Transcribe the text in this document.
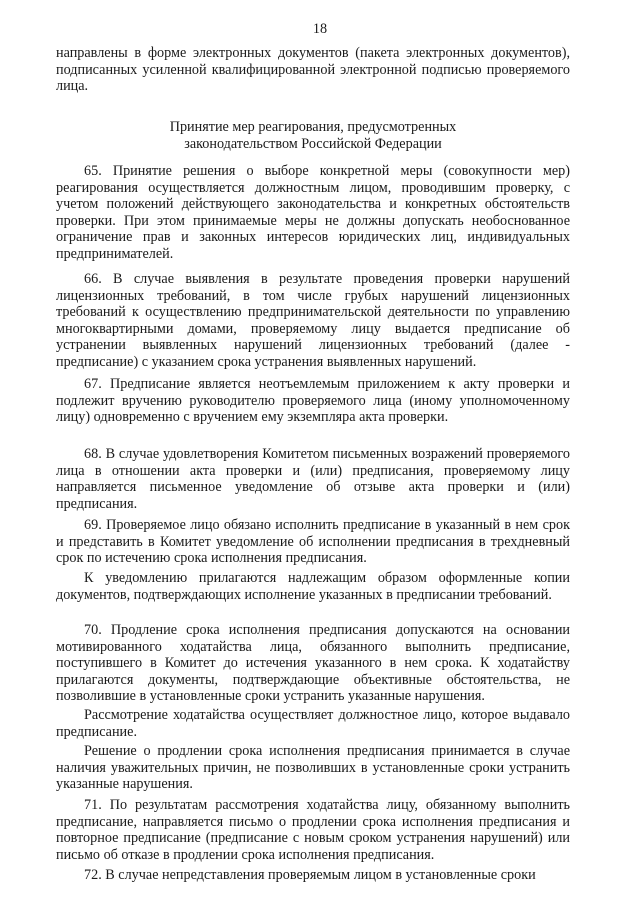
18

направлены в форме электронных документов (пакета электронных документов), подписанных усиленной квалифицированной электронной подписью проверяемого лица.

Принятие мер реагирования, предусмотренных

законодательством Российской Федерации

65. Принятие решения о выборе конкретной меры (совокупности мер) реагирования осуществляется должностным лицом, проводившим проверку, с учетом положений действующего законодательства и конкретных обстоятельств проверки. При этом принимаемые меры не должны допускать необоснованное ограничение прав и законных интересов юридических лиц, индивидуальных предпринимателей.

66. В случае выявления в результате проведения проверки нарушений лицензионных требований, в том числе грубых нарушений лицензионных требований к осуществлению предпринимательской деятельности по управлению многоквартирными домами, проверяемому лицу выдается предписание об устранении выявленных нарушений лицензионных требований (далее - предписание) с указанием срока устранения выявленных нарушений.

67. Предписание является неотъемлемым приложением к акту проверки и подлежит вручению руководителю проверяемого лица (иному уполномоченному лицу) одновременно с вручением ему экземпляра акта проверки.

68. В случае удовлетворения Комитетом письменных возражений проверяемого лица в отношении акта проверки и (или) предписания, проверяемому лицу направляется письменное уведомление об отзыве акта проверки и (или) предписания.

69. Проверяемое лицо обязано исполнить предписание в указанный в нем срок и представить в Комитет уведомление об исполнении предписания в трехдневный срок по истечению срока исполнения предписания.

К уведомлению прилагаются надлежащим образом оформленные копии документов, подтверждающих исполнение указанных в предписании требований.

70. Продление срока исполнения предписания допускаются на основании мотивированного ходатайства лица, обязанного выполнить предписание, поступившего в Комитет до истечения указанного в нем срока. К ходатайству прилагаются документы, подтверждающие объективные обстоятельства, не позволившие в установленные сроки устранить указанные нарушения.

Рассмотрение ходатайства осуществляет должностное лицо, которое выдавало предписание.

Решение о продлении срока исполнения предписания принимается в случае наличия уважительных причин, не позволивших в установленные сроки устранить указанные нарушения.

71. По результатам рассмотрения ходатайства лицу, обязанному выполнить предписание, направляется письмо о продлении срока исполнения предписания и повторное предписание (предписание с новым сроком устранения нарушений) или письмо об отказе в продлении срока исполнения предписания.

72. В случае непредставления проверяемым лицом в установленные сроки
